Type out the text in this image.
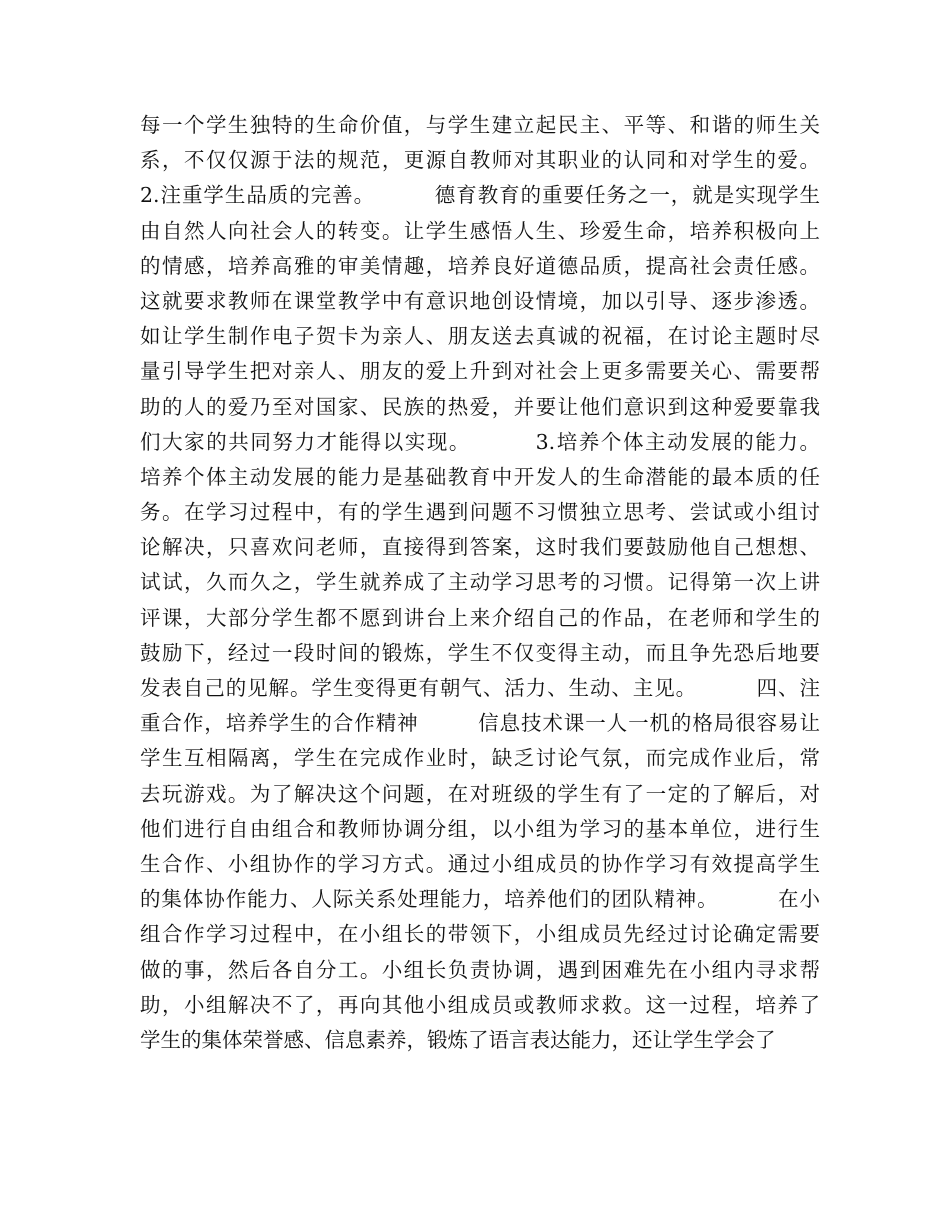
每一个学生独特的生命价值，与学生建立起民主、平等、和谐的师生关
系，不仅仅源于法的规范，更源自教师对其职业的认同和对学生的爱。
2.注重学生品质的完善。        德育教育的重要任务之一，就是实现学生
由自然人向社会人的转变。让学生感悟人生、珍爱生命，培养积极向上
的情感，培养高雅的审美情趣，培养良好道德品质，提高社会责任感。
这就要求教师在课堂教学中有意识地创设情境，加以引导、逐步渗透。
如让学生制作电子贺卡为亲人、朋友送去真诚的祝福，在讨论主题时尽
量引导学生把对亲人、朋友的爱上升到对社会上更多需要关心、需要帮
助的人的爱乃至对国家、民族的热爱，并要让他们意识到这种爱要靠我
们大家的共同努力才能得以实现。        3.培养个体主动发展的能力。
培养个体主动发展的能力是基础教育中开发人的生命潜能的最本质的任
务。在学习过程中，有的学生遇到问题不习惯独立思考、尝试或小组讨
论解决，只喜欢问老师，直接得到答案，这时我们要鼓励他自己想想、
试试，久而久之，学生就养成了主动学习思考的习惯。记得第一次上讲
评课，大部分学生都不愿到讲台上来介绍自己的作品，在老师和学生的
鼓励下，经过一段时间的锻炼，学生不仅变得主动，而且争先恐后地要
发表自己的见解。学生变得更有朝气、活力、生动、主见。        四、注
重合作，培养学生的合作精神        信息技术课一人一机的格局很容易让
学生互相隔离，学生在完成作业时，缺乏讨论气氛，而完成作业后，常
去玩游戏。为了解决这个问题，在对班级的学生有了一定的了解后，对
他们进行自由组合和教师协调分组，以小组为学习的基本单位，进行生
生合作、小组协作的学习方式。通过小组成员的协作学习有效提高学生
的集体协作能力、人际关系处理能力，培养他们的团队精神。        在小
组合作学习过程中，在小组长的带领下，小组成员先经过讨论确定需要
做的事，然后各自分工。小组长负责协调，遇到困难先在小组内寻求帮
助，小组解决不了，再向其他小组成员或教师求救。这一过程，培养了
学生的集体荣誉感、信息素养，锻炼了语言表达能力，还让学生学会了
